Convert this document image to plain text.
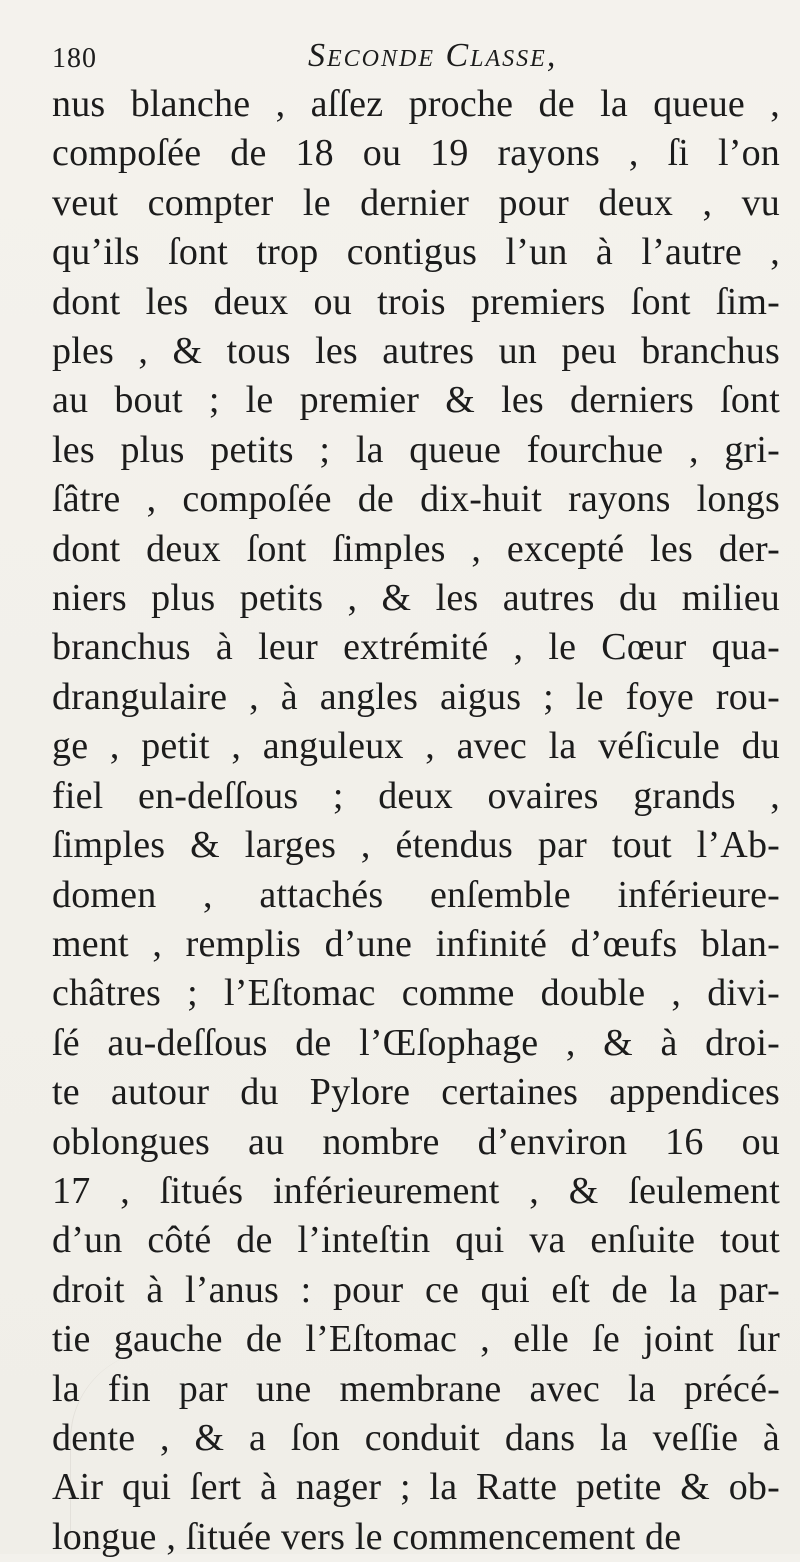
180	Seconde Classe,
nus blanche , aſſez proche de la queue ,
compoſée de 18 ou 19 rayons , ſi l’on
veut compter le dernier pour deux , vu
qu’ils ſont trop contigus l’un à l’autre ,
dont les deux ou trois premiers ſont ſim-
ples , & tous les autres un peu branchus
au bout ; le premier & les derniers ſont
les plus petits ; la queue fourchue , gri-
ſâtre , compoſée de dix-huit rayons longs
dont deux ſont ſimples , excepté les der-
niers plus petits , & les autres du milieu
branchus à leur extrémité , le Cœur qua-
drangulaire , à angles aigus ; le foye rou-
ge , petit , anguleux , avec la véſicule du
fiel en-deſſous ; deux ovaires grands ,
ſimples & larges , étendus par tout l’Ab-
domen , attachés enſemble inférieure-
ment , remplis d’une infinité d’œufs blan-
châtres ; l’Eſtomac comme double , divi-
ſé au-deſſous de l’Œſophage , & à droi-
te autour du Pylore certaines appendices
oblongues au nombre d’environ 16 ou
17 , ſitués inférieurement , & ſeulement
d’un côté de l’inteſtin qui va enſuite tout
droit à l’anus : pour ce qui eſt de la par-
tie gauche de l’Eſtomac , elle ſe joint ſur
la fin par une membrane avec la précé-
dente , & a ſon conduit dans la veſſie à
Air qui ſert à nager ; la Ratte petite & ob-
longue , ſituée vers le commencement de
